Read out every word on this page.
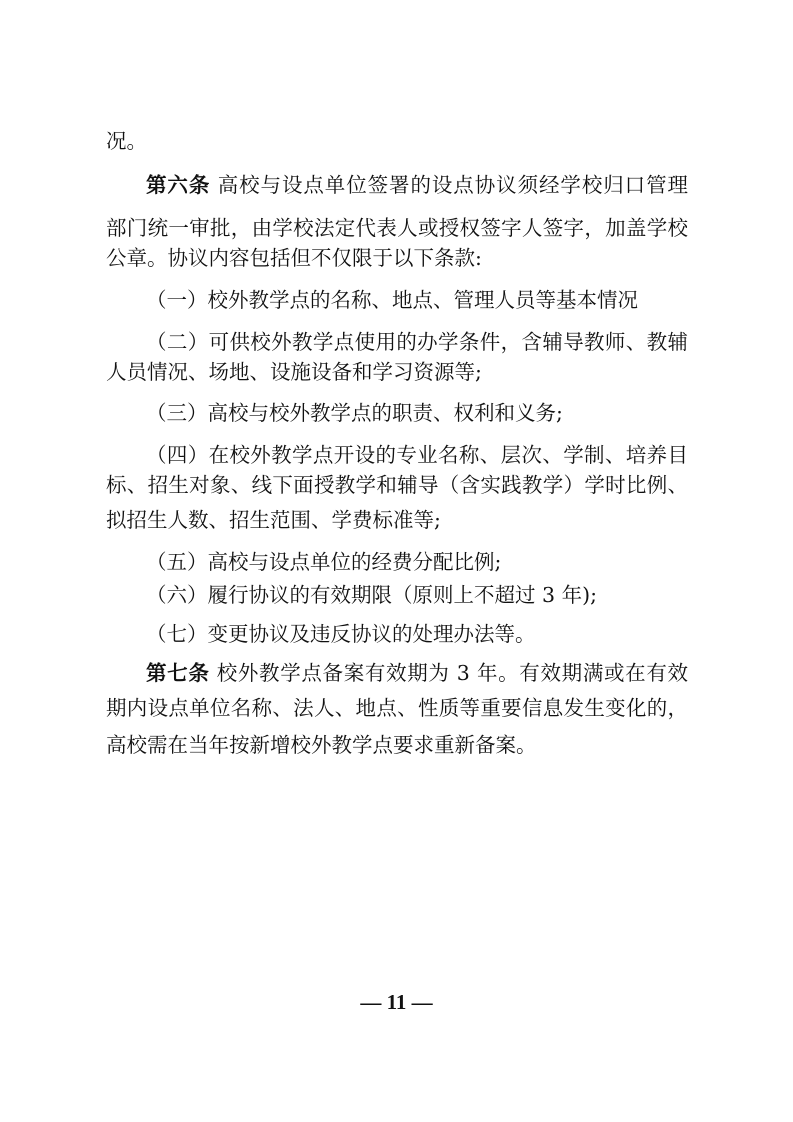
况。
第六条 高校与设点单位签署的设点协议须经学校归口管理
部门统一审批，由学校法定代表人或授权签字人签字，加盖学校
公章。协议内容包括但不仅限于以下条款:
（一）校外教学点的名称、地点、管理人员等基本情况
（二）可供校外教学点使用的办学条件，含辅导教师、教辅
人员情况、场地、设施设备和学习资源等;
（三）高校与校外教学点的职责、权利和义务;
（四）在校外教学点开设的专业名称、层次、学制、培养目
标、招生对象、线下面授教学和辅导（含实践教学）学时比例、
拟招生人数、招生范围、学费标准等;
（五）高校与设点单位的经费分配比例;
（六）履行协议的有效期限（原则上不超过 3 年);
（七）变更协议及违反协议的处理办法等。
第七条 校外教学点备案有效期为 3 年。有效期满或在有效
期内设点单位名称、法人、地点、性质等重要信息发生变化的，
高校需在当年按新增校外教学点要求重新备案。
— 11 —
